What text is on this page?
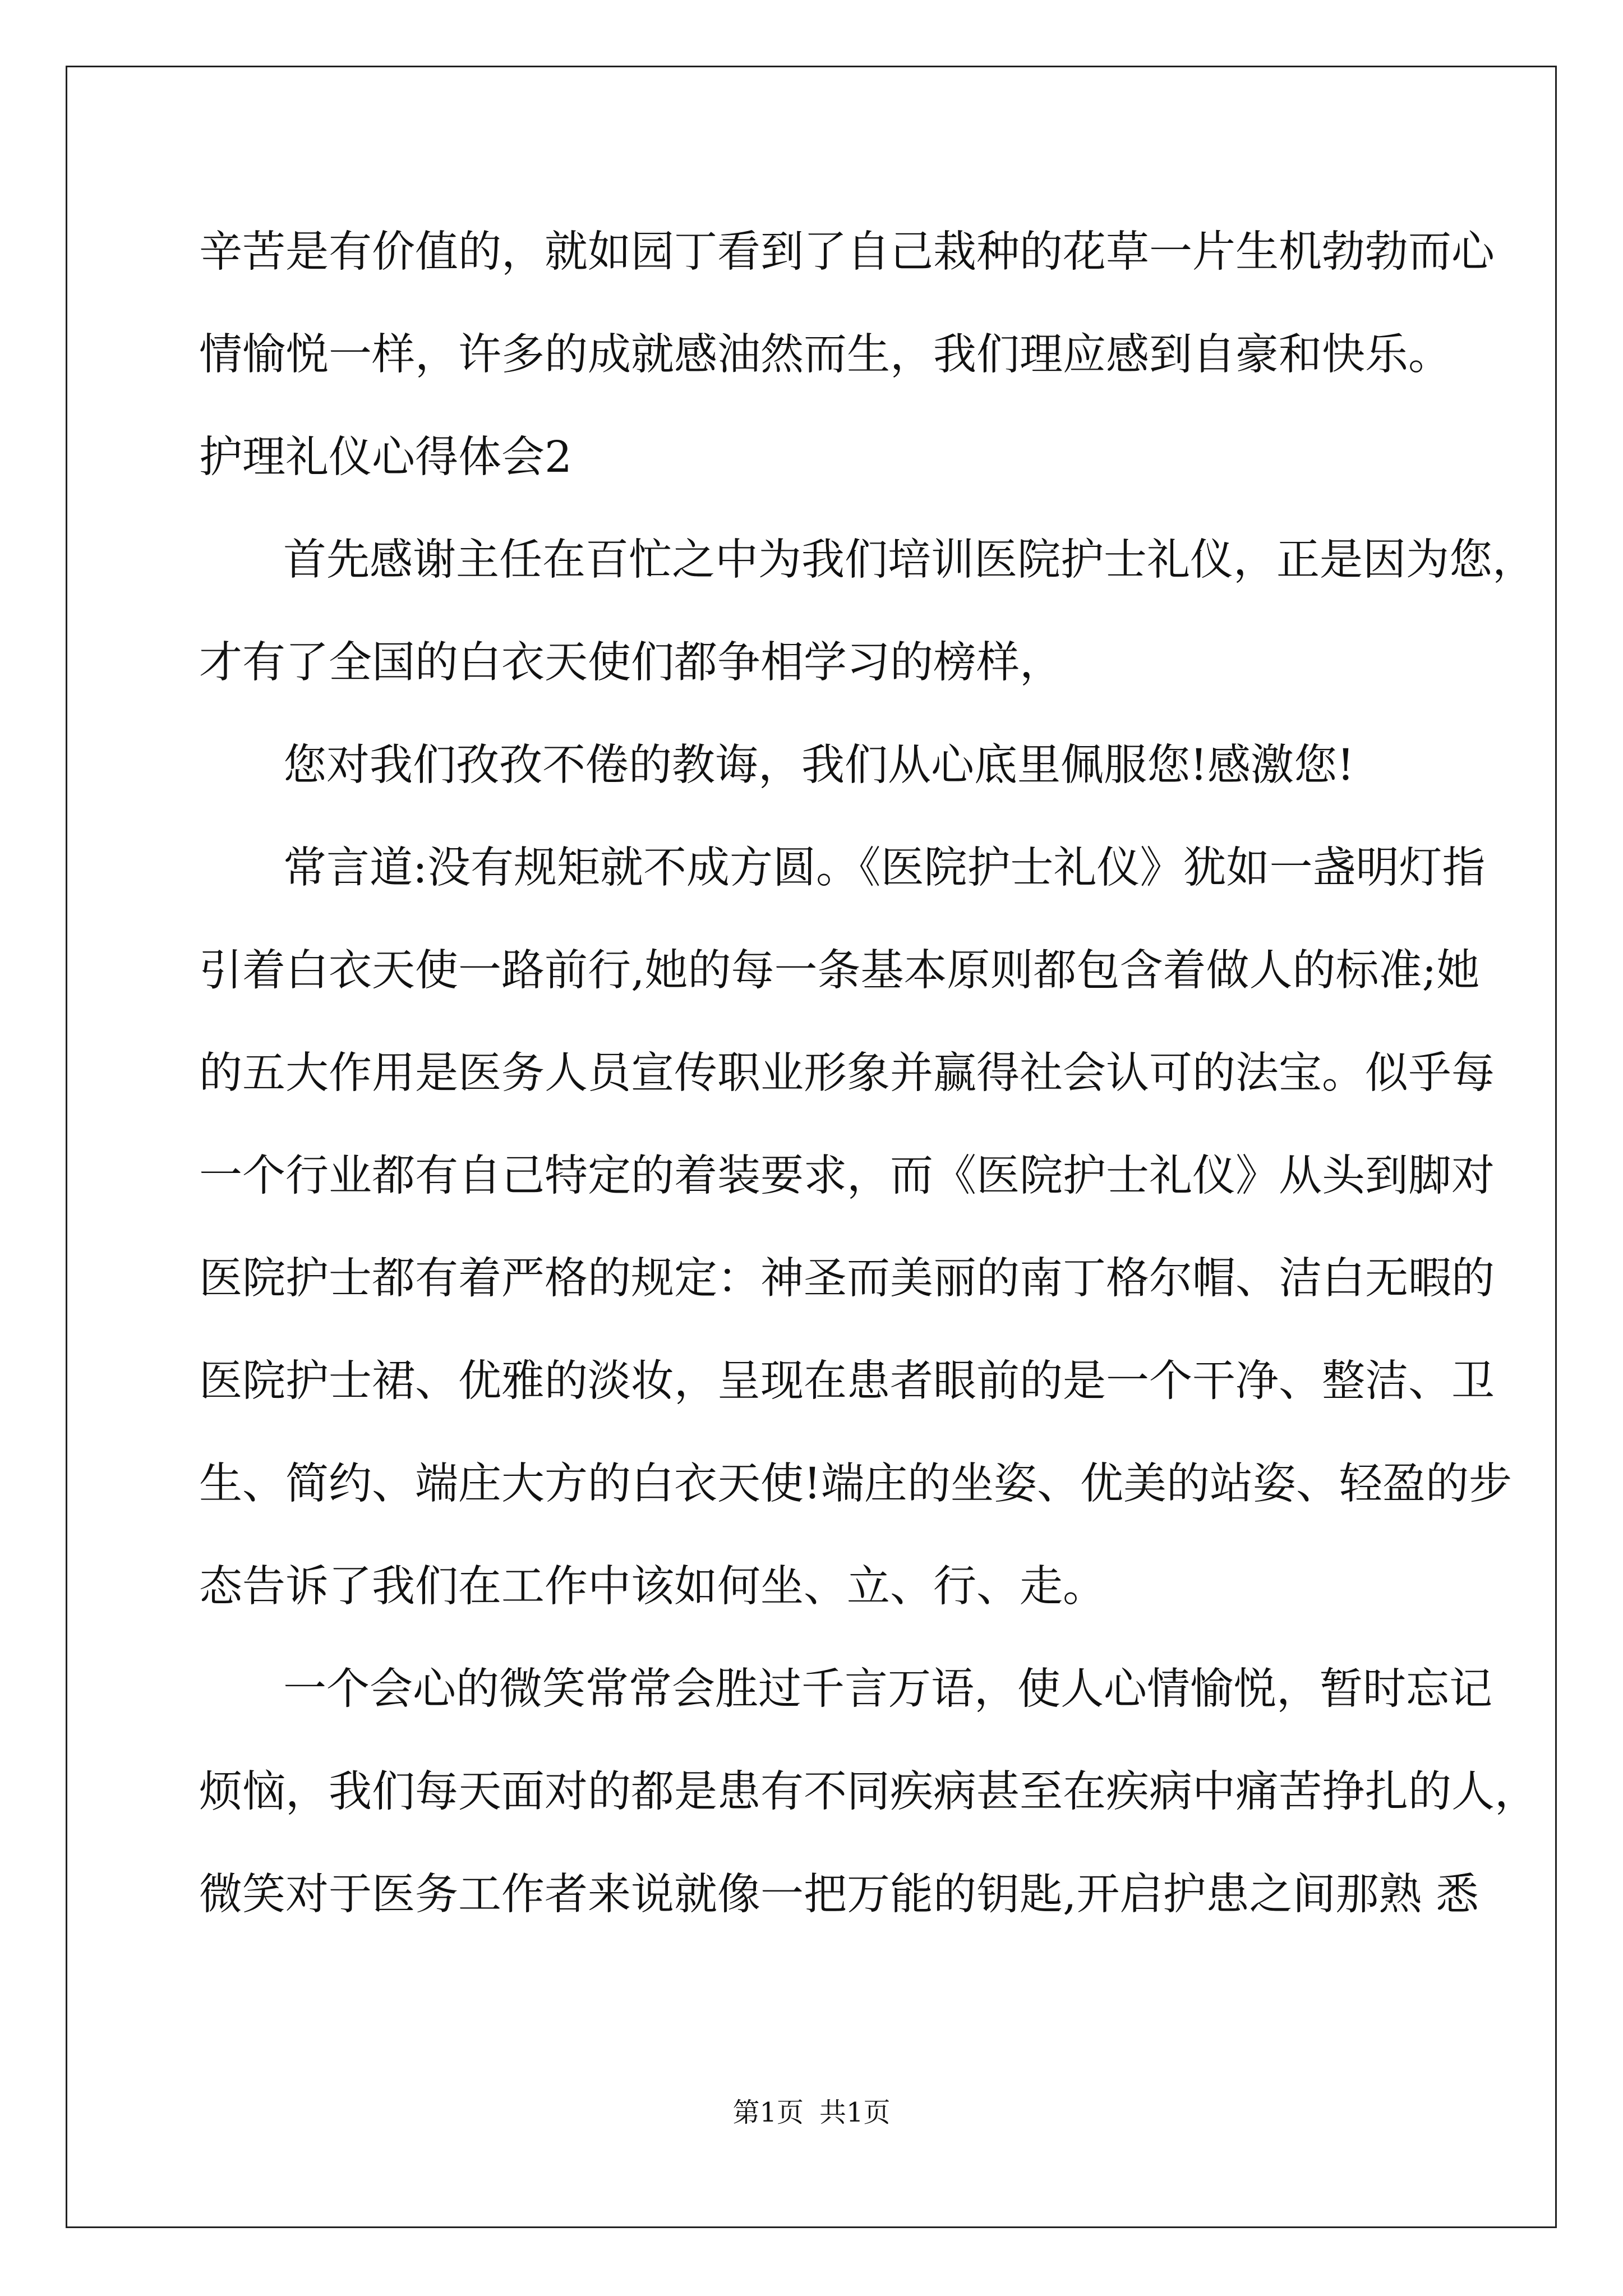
辛苦是有价值的，就如园丁看到了自己栽种的花草一片生机勃勃而心
情愉悦一样，许多的成就感油然而生，我们理应感到自豪和快乐。
护理礼仪心得体会2
首先感谢主任在百忙之中为我们培训医院护士礼仪，正是因为您，
才有了全国的白衣天使们都争相学习的榜样，
您对我们孜孜不倦的教诲，我们从心底里佩服您!感激您!
常言道:没有规矩就不成方圆。《医院护士礼仪》犹如一盏明灯指
引着白衣天使一路前行,她的每一条基本原则都包含着做人的标准;她
的五大作用是医务人员宣传职业形象并赢得社会认可的法宝。似乎每
一个行业都有自己特定的着装要求，而《医院护士礼仪》从头到脚对
医院护士都有着严格的规定：神圣而美丽的南丁格尔帽、洁白无暇的
医院护士裙、优雅的淡妆，呈现在患者眼前的是一个干净、整洁、卫
生、简约、端庄大方的白衣天使!端庄的坐姿、优美的站姿、轻盈的步
态告诉了我们在工作中该如何坐、立、行、走。
一个会心的微笑常常会胜过千言万语，使人心情愉悦，暂时忘记
烦恼，我们每天面对的都是患有不同疾病甚至在疾病中痛苦挣扎的人，
微笑对于医务工作者来说就像一把万能的钥匙,开启护患之间那熟 悉
第1页 共1页
